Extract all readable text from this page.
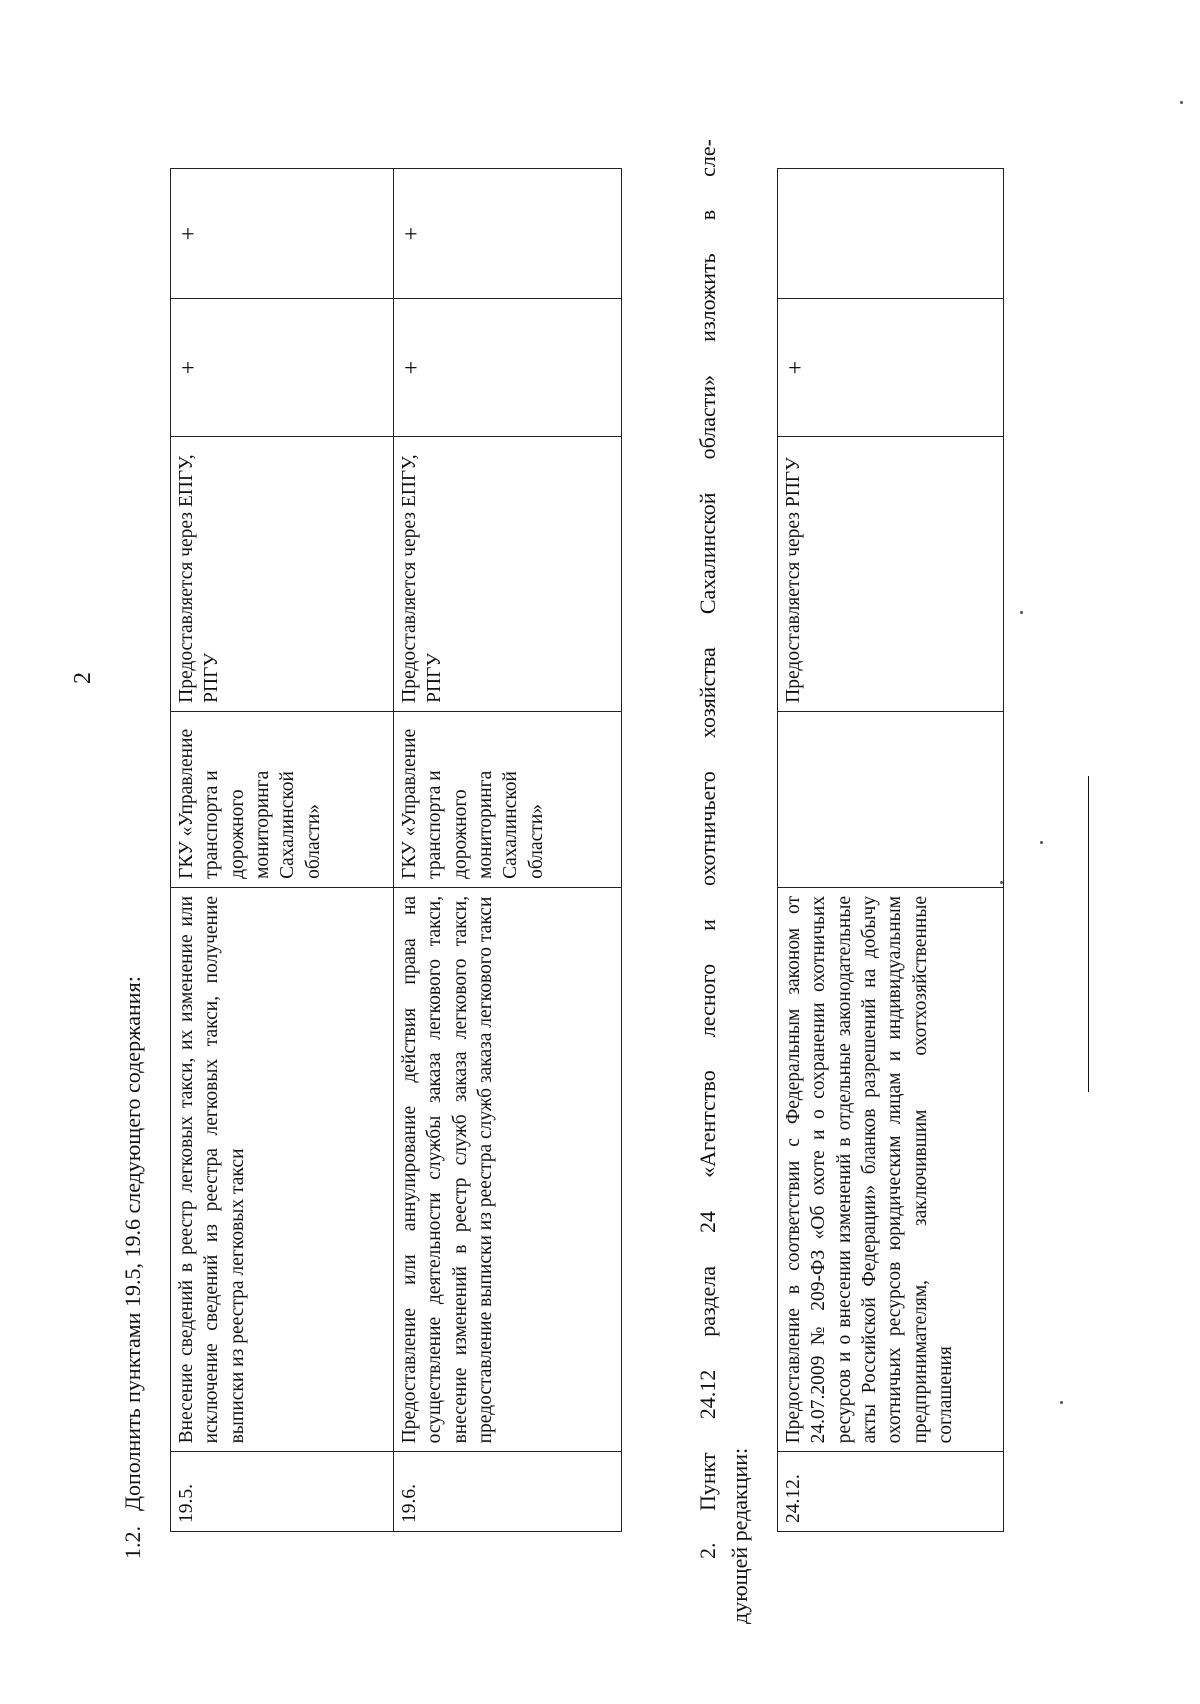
2
1.2.Дополнить пунктами 19.5, 19.6 следующего содержания: 19.5.	Внесение сведений в реестр легковых такси, их изменение или исключение сведений из реестра легковых такси, получение выписки из реестра легковых такси	ГКУ «Управление транспорта и дорожного мониторинга Сахалинской области»	Предоставляется через ЕПГУ, РПГУ	+	+
19.6.	Предоставление или аннулирование действия права на осуществление деятельности службы заказа легкового такси, внесение изменений в реестр служб заказа легкового такси, предоставление выписки из реестра служб заказа легкового такси	ГКУ «Управление транспорта и дорожного мониторинга Сахалинской области»	Предоставляется через ЕПГУ, РПГУ	+	+
2.Пункт 24.12 раздела 24 «Агентство лесного и охотничьего хозяйства Сахалинской области» изложить в сле-
дующей редакции: 24.12.	Предоставление в соответствии с Федеральным законом от 24.07.2009 № 209-ФЗ «Об охоте и о сохранении охотничьих ресурсов и о внесении изменений в отдельные законодательные акты Российской Федерации» бланков разрешений на добычу охотничьих ресурсов юридическим лицам и индивидуальным предпринимателям, заключившим охотхозяйственные соглашения		Предоставляется через РПГУ	+	
